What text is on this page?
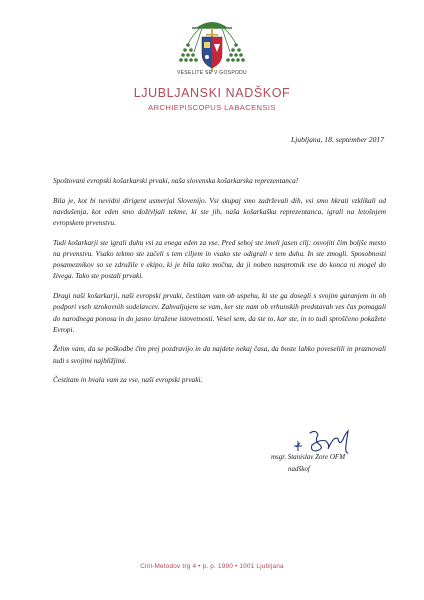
VESELITE SE V GOSPODU
LJUBLJANSKI NADŠKOF
ARCHIEPISCOPUS LABACENSIS
Ljubljana, 18. september 2017

Spoštovani evropski košarkarski prvaki, naša slovenska košarkarska reprezentanca!

Bila je, kot bi nevidni dirigent usmerjal Slovenijo. Vsi skupaj smo zadrževali dih, vsi smo hkrati vzklikali od navdušenja, kot eden smo doživljali tekme, ki ste jih, naša košarkaška reprezentanca, igrali na letošnjem evropskem prvenstvu.

Tudi košarkarji ste igrali duhu vsi za enega eden za vse. Pred seboj ste imeli jasen cilj: osvojiti čim boljše mesto na prvenstvu. Vsako tekmo ste začeli s tem ciljem in vsako ste odigrali v tem duhu. In ste zmogli. Sposobnosti posameznikov so se združile v ekipo, ki je bila tako močna, da ji noben nasprotnik vse do konca ni mogel do živega. Tako ste postali prvaki.

Dragi naši košarkarji, naši evropski prvaki, čestitam vam ob uspehu, ki ste ga dosegli s svojim garanjem in ob podpori vseh strokovnih sodelavcev. Zahvaljujem se vam, ker ste nam ob vrhunskih predstavah ves čas pomagali do narodnega ponosa in do jasno izražene istovetnosti. Vesel sem, da ste to, kar ste, in to tudi sproščeno pokažete Evropi.

Želim vam, da se poškodbe čim prej pozdravijo in da najdete nekaj časa, da boste lahko poveselili in praznovali tudi s svojimi najbližjimi.

Čestitam in hvala vam za vse, naši evropski prvaki.

msgr. Stanislav Zore OFM
nadškof
Ciril-Metodov trg 4 • p. p. 1990 • 1001 Ljubljana
